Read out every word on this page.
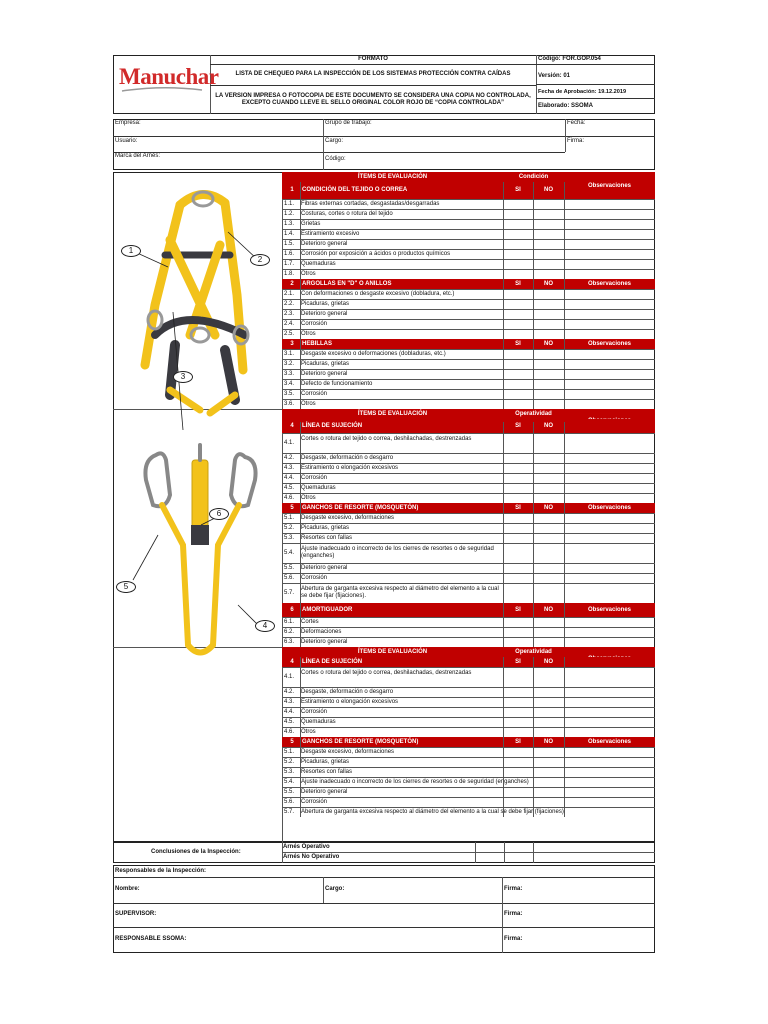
Manuchar
FORMATO
LISTA DE CHEQUEO PARA LA INSPECCIÓN DE LOS SISTEMAS PROTECCIÓN CONTRA CAÍDAS
LA VERSION IMPRESA O FOTOCOPIA DE ESTE DOCUMENTO SE CONSIDERA UNA COPIA NO CONTROLADA,
EXCEPTO CUANDO LLEVE EL SELLO ORIGINAL COLOR ROJO DE “COPIA CONTROLADA”
Código: FOR.GOP.054
Versión: 01
Fecha de Aprobación: 19.12.2019
Elaborado: SSOMA
Empresa:	Grupo de trabajo:	Fecha:
Usuario:	Cargo:	Firma:
Marca del Arnés:	Código:
ÍTEMS DE EVALUACIÓN	Condición
1	CONDICIÓN DEL TEJIDO O CORREA	SI	NO
Observaciones
1.1.	Fibras externas cortadas, desgastadas/desgarradas
1.2.	Costuras, cortes o rotura del tejido
1.3.	Grietas
1.4.	Estiramiento excesivo
1.5.	Deterioro general
1.6.	Corrosión por exposición a ácidos o productos químicos
1.7.	Quemaduras
1.8.	Otros
2	ARGOLLAS EN "D" O ANILLOS	SI	NO	Observaciones
2.1.	Con deformaciones o desgaste excesivo (dobladura, etc.)
2.2.	Picaduras, grietas
2.3.	Deterioro general
2.4.	Corrosión
2.5.	Otros
3	HEBILLAS	SI	NO	Observaciones
3.1.	Desgaste excesivo o deformaciones (dobladuras, etc.)
3.2.	Picaduras, grietas
3.3.	Deterioro general
3.4.	Defecto de funcionamiento
3.5.	Corrosión
3.6.	Otros
ÍTEMS DE EVALUACIÓN	Operatividad
4	LÍNEA DE SUJECIÓN	SI	NO
4.1.
Cortes o rotura del tejido o correa, deshilachadas, destrenzadas
4.2.	Desgaste, deformación o desgarro
4.3.	Estiramiento o elongación excesivos
4.4.	Corrosión
4.5.	Quemaduras
4.6.	Otros
5	GANCHOS DE RESORTE (MOSQUETÓN)	SI	NO	Observaciones
5.1.	Desgaste excesivo, deformaciones
5.2.	Picaduras, grietas
5.3.	Resortes con fallas
5.4.
Ajuste inadecuado o incorrecto de los cierres de resortes o de seguridad (enganches)
5.5.	Deterioro general
5.6.	Corrosión
5.7.
Abertura de garganta excesiva respecto al diámetro del elemento a la cual se debe fijar (fijaciones).
6	AMORTIGUADOR	SI	NO	Observaciones
6.1.	Cortes
6.2.	Deformaciones
6.3.	Deterioro general
ÍTEMS DE EVALUACIÓN	Operatividad
4	LÍNEA DE SUJECIÓN	SI	NO
4.1.
Cortes o rotura del tejido o correa, deshilachadas, destrenzadas
4.2.	Desgaste, deformación o desgarro
4.3.	Estiramiento o elongación excesivos
4.4.	Corrosión
4.5.	Quemaduras
4.6.	Otros
5	GANCHOS DE RESORTE (MOSQUETÓN)	SI	NO	Observaciones
5.1.	Desgaste excesivo, deformaciones
5.2.	Picaduras, grietas
5.3.	Resortes con fallas
5.4.	Ajuste inadecuado o incorrecto de los cierres de resortes o de seguridad (enganches)
5.5.	Deterioro general
5.6.	Corrosión
5.7.	Abertura de garganta excesiva respecto al diámetro del elemento a la cual se debe fijar (fijaciones).
1
2
3
6
5
4
Conclusiones de la Inspección:
Arnés Operativo
Arnés No Operativo
Responsables de la Inspección:
Nombre:	Cargo:	Firma:
SUPERVISOR:	Firma:
RESPONSABLE SSOMA:	Firma:
